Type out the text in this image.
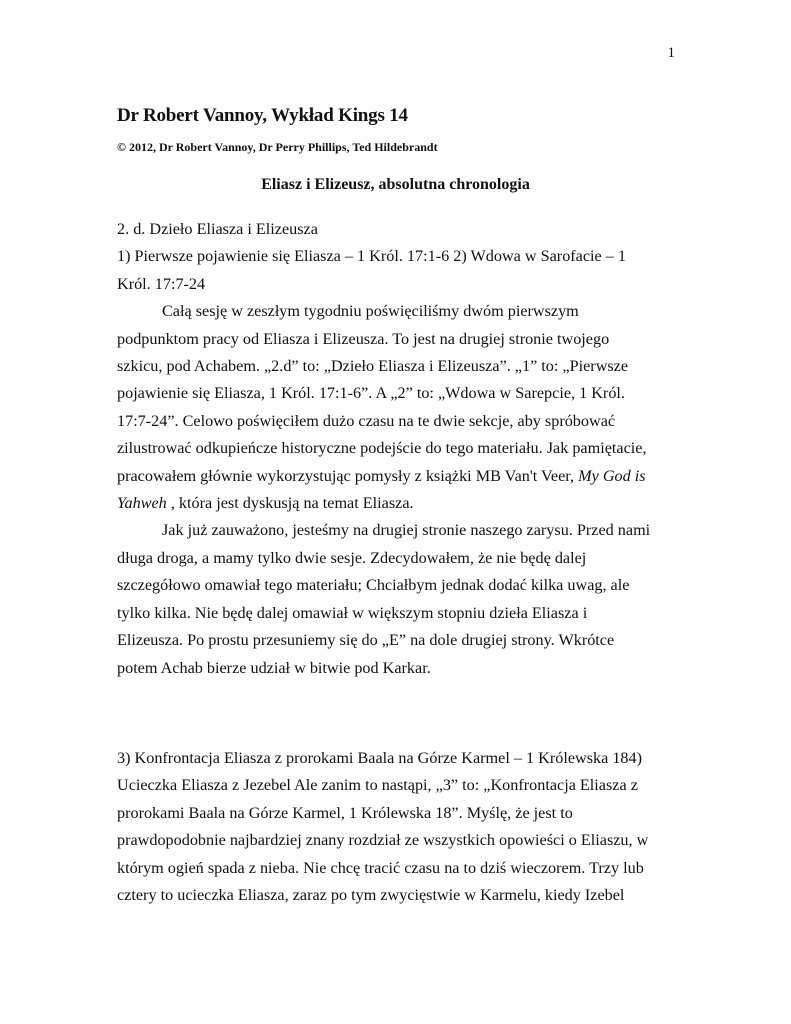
1
Dr Robert Vannoy, Wykład Kings 14
© 2012, Dr Robert Vannoy, Dr Perry Phillips, Ted Hildebrandt
Eliasz i Elizeusz, absolutna chronologia
2. d. Dzieło Eliasza i Elizeusza
1) Pierwsze pojawienie się Eliasza – 1 Król. 17:1-6 2) Wdowa w Sarofacie – 1
Król. 17:7-24
Całą sesję w zeszłym tygodniu poświęciliśmy dwóm pierwszym
podpunktom pracy od Eliasza i Elizeusza. To jest na drugiej stronie twojego
szkicu, pod Achabem. „2.d” to: „Dzieło Eliasza i Elizeusza”. „1” to: „Pierwsze
pojawienie się Eliasza, 1 Król. 17:1-6”. A „2” to: „Wdowa w Sarepcie, 1 Król.
17:7-24”. Celowo poświęciłem dużo czasu na te dwie sekcje, aby spróbować
zilustrować odkupieńcze historyczne podejście do tego materiału. Jak pamiętacie,
pracowałem głównie wykorzystując pomysły z książki MB Van't Veer, My God is
Yahweh , która jest dyskusją na temat Eliasza.
Jak już zauważono, jesteśmy na drugiej stronie naszego zarysu. Przed nami
długa droga, a mamy tylko dwie sesje. Zdecydowałem, że nie będę dalej
szczegółowo omawiał tego materiału; Chciałbym jednak dodać kilka uwag, ale
tylko kilka. Nie będę dalej omawiał w większym stopniu dzieła Eliasza i
Elizeusza. Po prostu przesuniemy się do „E” na dole drugiej strony. Wkrótce
potem Achab bierze udział w bitwie pod Karkar.
3) Konfrontacja Eliasza z prorokami Baala na Górze Karmel – 1 Królewska 184)
Ucieczka Eliasza z Jezebel Ale zanim to nastąpi, „3” to: „Konfrontacja Eliasza z
prorokami Baala na Górze Karmel, 1 Królewska 18”. Myślę, że jest to
prawdopodobnie najbardziej znany rozdział ze wszystkich opowieści o Eliaszu, w
którym ogień spada z nieba. Nie chcę tracić czasu na to dziś wieczorem. Trzy lub
cztery to ucieczka Eliasza, zaraz po tym zwycięstwie w Karmelu, kiedy Izebel
